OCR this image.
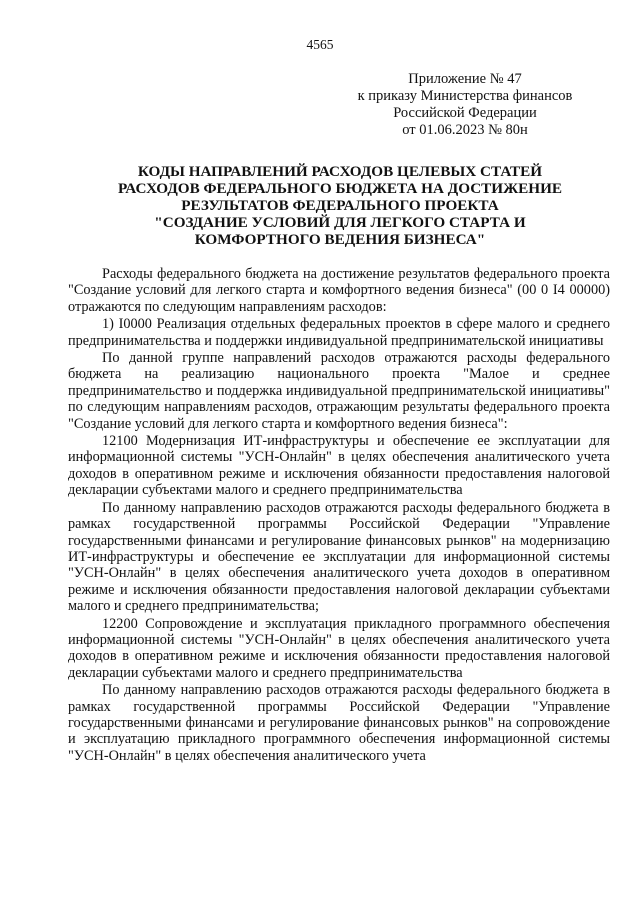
4565
Приложение № 47
к приказу Министерства финансов
Российской Федерации
от 01.06.2023 № 80н
КОДЫ НАПРАВЛЕНИЙ РАСХОДОВ ЦЕЛЕВЫХ СТАТЕЙ
РАСХОДОВ ФЕДЕРАЛЬНОГО БЮДЖЕТА НА ДОСТИЖЕНИЕ
РЕЗУЛЬТАТОВ ФЕДЕРАЛЬНОГО ПРОЕКТА
"СОЗДАНИЕ УСЛОВИЙ ДЛЯ ЛЕГКОГО СТАРТА И
КОМФОРТНОГО ВЕДЕНИЯ БИЗНЕСА"

Расходы федерального бюджета на достижение результатов федерального проекта "Создание условий для легкого старта и комфортного ведения бизнеса" (00 0 I4 00000) отражаются по следующим направлениям расходов:

1) I0000 Реализация отдельных федеральных проектов в сфере малого и среднего предпринимательства и поддержки индивидуальной предпринимательской инициативы

По данной группе направлений расходов отражаются расходы федерального бюджета на реализацию национального проекта "Малое и среднее предпринимательство и поддержка индивидуальной предпринимательской инициативы" по следующим направлениям расходов, отражающим результаты федерального проекта "Создание условий для легкого старта и комфортного ведения бизнеса":

12100 Модернизация ИТ-инфраструктуры и обеспечение ее эксплуатации для информационной системы "УСН-Онлайн" в целях обеспечения аналитического учета доходов в оперативном режиме и исключения обязанности предоставления налоговой декларации субъектами малого и среднего предпринимательства

По данному направлению расходов отражаются расходы федерального бюджета в рамках государственной программы Российской Федерации "Управление государственными финансами и регулирование финансовых рынков" на модернизацию ИТ-инфраструктуры и обеспечение ее эксплуатации для информационной системы "УСН-Онлайн" в целях обеспечения аналитического учета доходов в оперативном режиме и исключения обязанности предоставления налоговой декларации субъектами малого и среднего предпринимательства;

12200 Сопровождение и эксплуатация прикладного программного обеспечения информационной системы "УСН-Онлайн" в целях обеспечения аналитического учета доходов в оперативном режиме и исключения обязанности предоставления налоговой декларации субъектами малого и среднего предпринимательства

По данному направлению расходов отражаются расходы федерального бюджета в рамках государственной программы Российской Федерации "Управление государственными финансами и регулирование финансовых рынков" на сопровождение и эксплуатацию прикладного программного обеспечения информационной системы "УСН-Онлайн" в целях обеспечения аналитического учета
